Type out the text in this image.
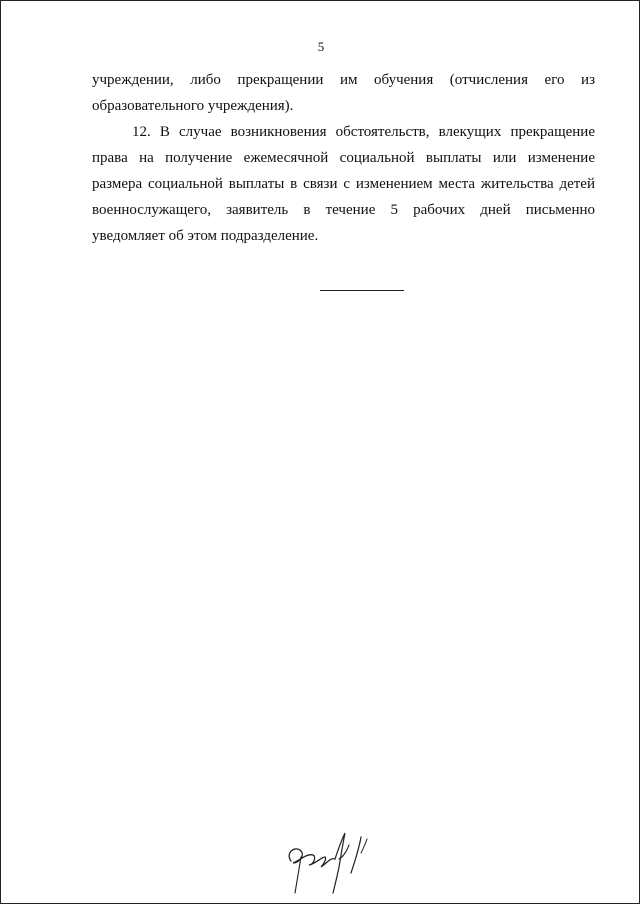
5

учреждении, либо прекращении им обучения (отчисления его из
образовательного учреждения).

12. В случае возникновения обстоятельств, влекущих прекращение
права на получение ежемесячной социальной выплаты или изменение
размера социальной выплаты в связи с изменением места жительства детей
военнослужащего, заявитель в течение 5 рабочих дней письменно
уведомляет об этом подразделение.
